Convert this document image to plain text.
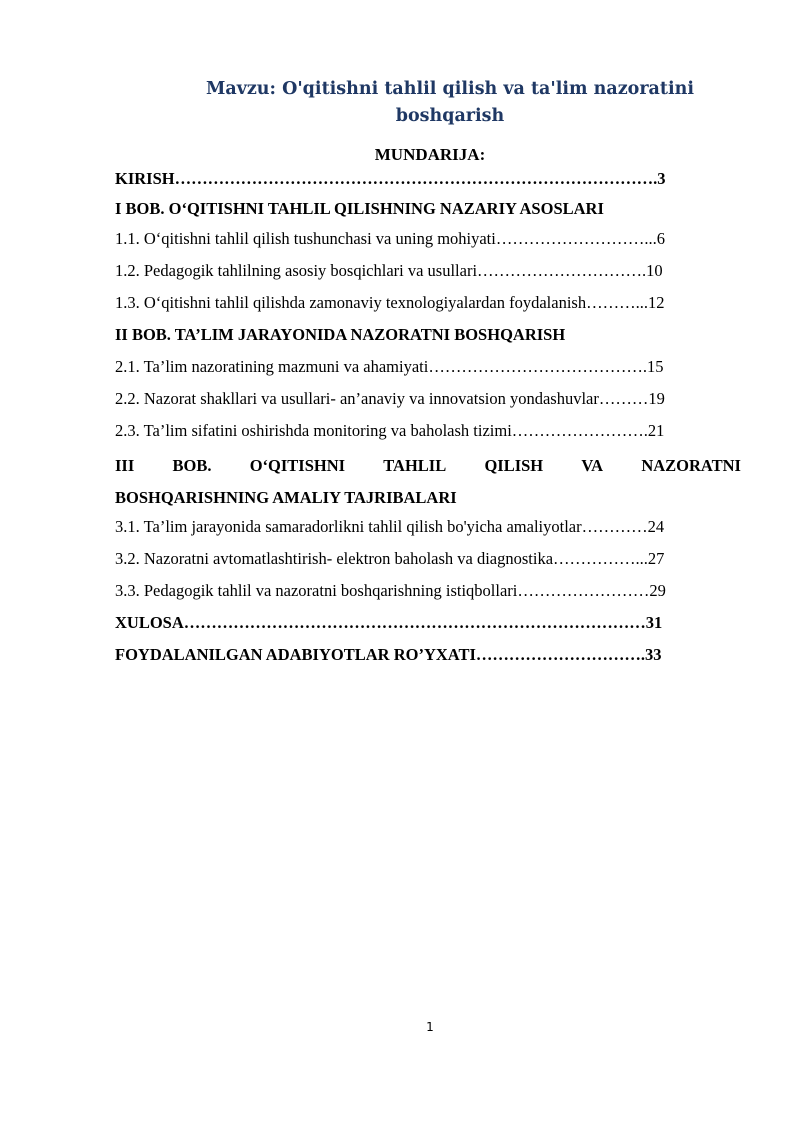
Mavzu: O'qitishni tahlil qilish va ta'lim nazoratini
boshqarish
MUNDARIJA:
KIRISH…………………………………………………………………………….3
I BOB. O‘QITISHNI TAHLIL QILISHNING NAZARIY ASOSLARI
1.1. O‘qitishni tahlil qilish tushunchasi va uning mohiyati………………………...6
1.2. Pedagogik tahlilning asosiy bosqichlari va usullari………………………….10
1.3. O‘qitishni tahlil qilishda zamonaviy texnologiyalardan foydalanish………...12
II BOB. TA’LIM JARAYONIDA NAZORATNI BOSHQARISH
2.1. Ta’lim nazoratining mazmuni va ahamiyati………………………………….15
2.2. Nazorat shakllari va usullari- an’anaviy va innovatsion yondashuvlar………19
2.3. Ta’lim sifatini oshirishda monitoring va baholash tizimi…………………….21
III BOB. O‘QITISHNI TAHLIL QILISH VA NAZORATNI
BOSHQARISHNING AMALIY TAJRIBALARI
3.1. Ta’lim jarayonida samaradorlikni tahlil qilish bo'yicha amaliyotlar…………24
3.2. Nazoratni avtomatlashtirish- elektron baholash va diagnostika……………...27
3.3. Pedagogik tahlil va nazoratni boshqarishning istiqbollari……………………29
XULOSA…………………………………………………………………………31
FOYDALANILGAN ADABIYOTLAR RO’YXATI………………………….33
1
